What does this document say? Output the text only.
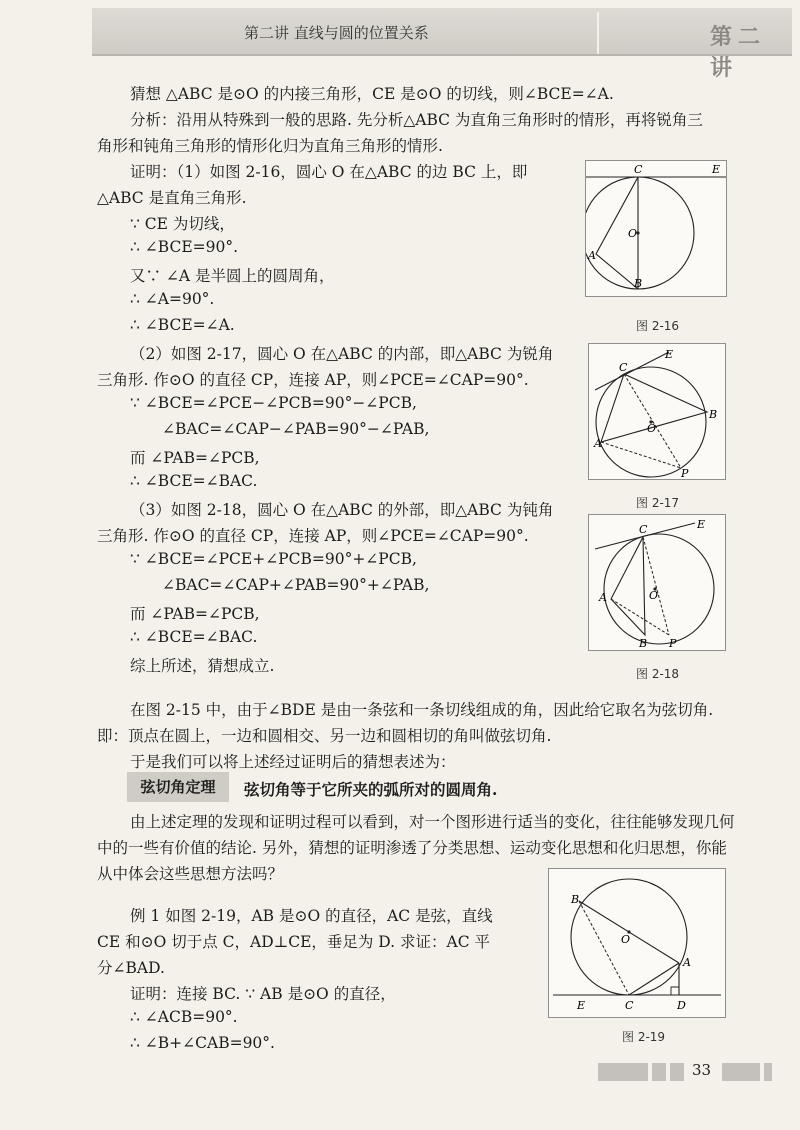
第二讲 直线与圆的位置关系	第二讲
猜想 △ABC 是⊙O 的内接三角形，CE 是⊙O 的切线，则∠BCE=∠A.
分析：沿用从特殊到一般的思路. 先分析△ABC 为直角三角形时的情形，再将锐角三
角形和钝角三角形的情形化归为直角三角形的情形.
证明：（1）如图 2-16，圆心 O 在△ABC 的边 BC 上，即
△ABC 是直角三角形.
∵ CE 为切线，
∴ ∠BCE=90°.
又∵ ∠A 是半圆上的圆周角，
∴ ∠A=90°.
∴ ∠BCE=∠A.
（2）如图 2-17，圆心 O 在△ABC 的内部，即△ABC 为锐角
三角形. 作⊙O 的直径 CP，连接 AP，则∠PCE=∠CAP=90°.
∵ ∠BCE=∠PCE−∠PCB=90°−∠PCB,
∠BAC=∠CAP−∠PAB=90°−∠PAB,
而 ∠PAB=∠PCB,
∴ ∠BCE=∠BAC.
（3）如图 2-18，圆心 O 在△ABC 的外部，即△ABC 为钝角
三角形. 作⊙O 的直径 CP，连接 AP，则∠PCE=∠CAP=90°.
∵ ∠BCE=∠PCE+∠PCB=90°+∠PCB,
∠BAC=∠CAP+∠PAB=90°+∠PAB,
而 ∠PAB=∠PCB,
∴ ∠BCE=∠BAC.
综上所述，猜想成立.
在图 2-15 中，由于∠BDE 是由一条弦和一条切线组成的角，因此给它取名为弦切角.
即：顶点在圆上，一边和圆相交、另一边和圆相切的角叫做弦切角.
于是我们可以将上述经过证明后的猜想表述为：
弦切角定理	弦切角等于它所夹的弧所对的圆周角.
由上述定理的发现和证明过程可以看到，对一个图形进行适当的变化，往往能够发现几何
中的一些有价值的结论. 另外，猜想的证明渗透了分类思想、运动变化思想和化归思想，你能
从中体会这些思想方法吗？
例 1 如图 2-19，AB 是⊙O 的直径，AC 是弦，直线
CE 和⊙O 切于点 C，AD⊥CE，垂足为 D. 求证：AC 平
分∠BAD.
证明：连接 BC. ∵ AB 是⊙O 的直径，
∴ ∠ACB=90°.
∴ ∠B+∠CAB=90°.
C	E
O
A
B
图 2-16
C
E
O
A
B
P
图 2-17
C	E
O
A
B P
图 2-18
B
O
A
E	C	D
图 2-19
33
